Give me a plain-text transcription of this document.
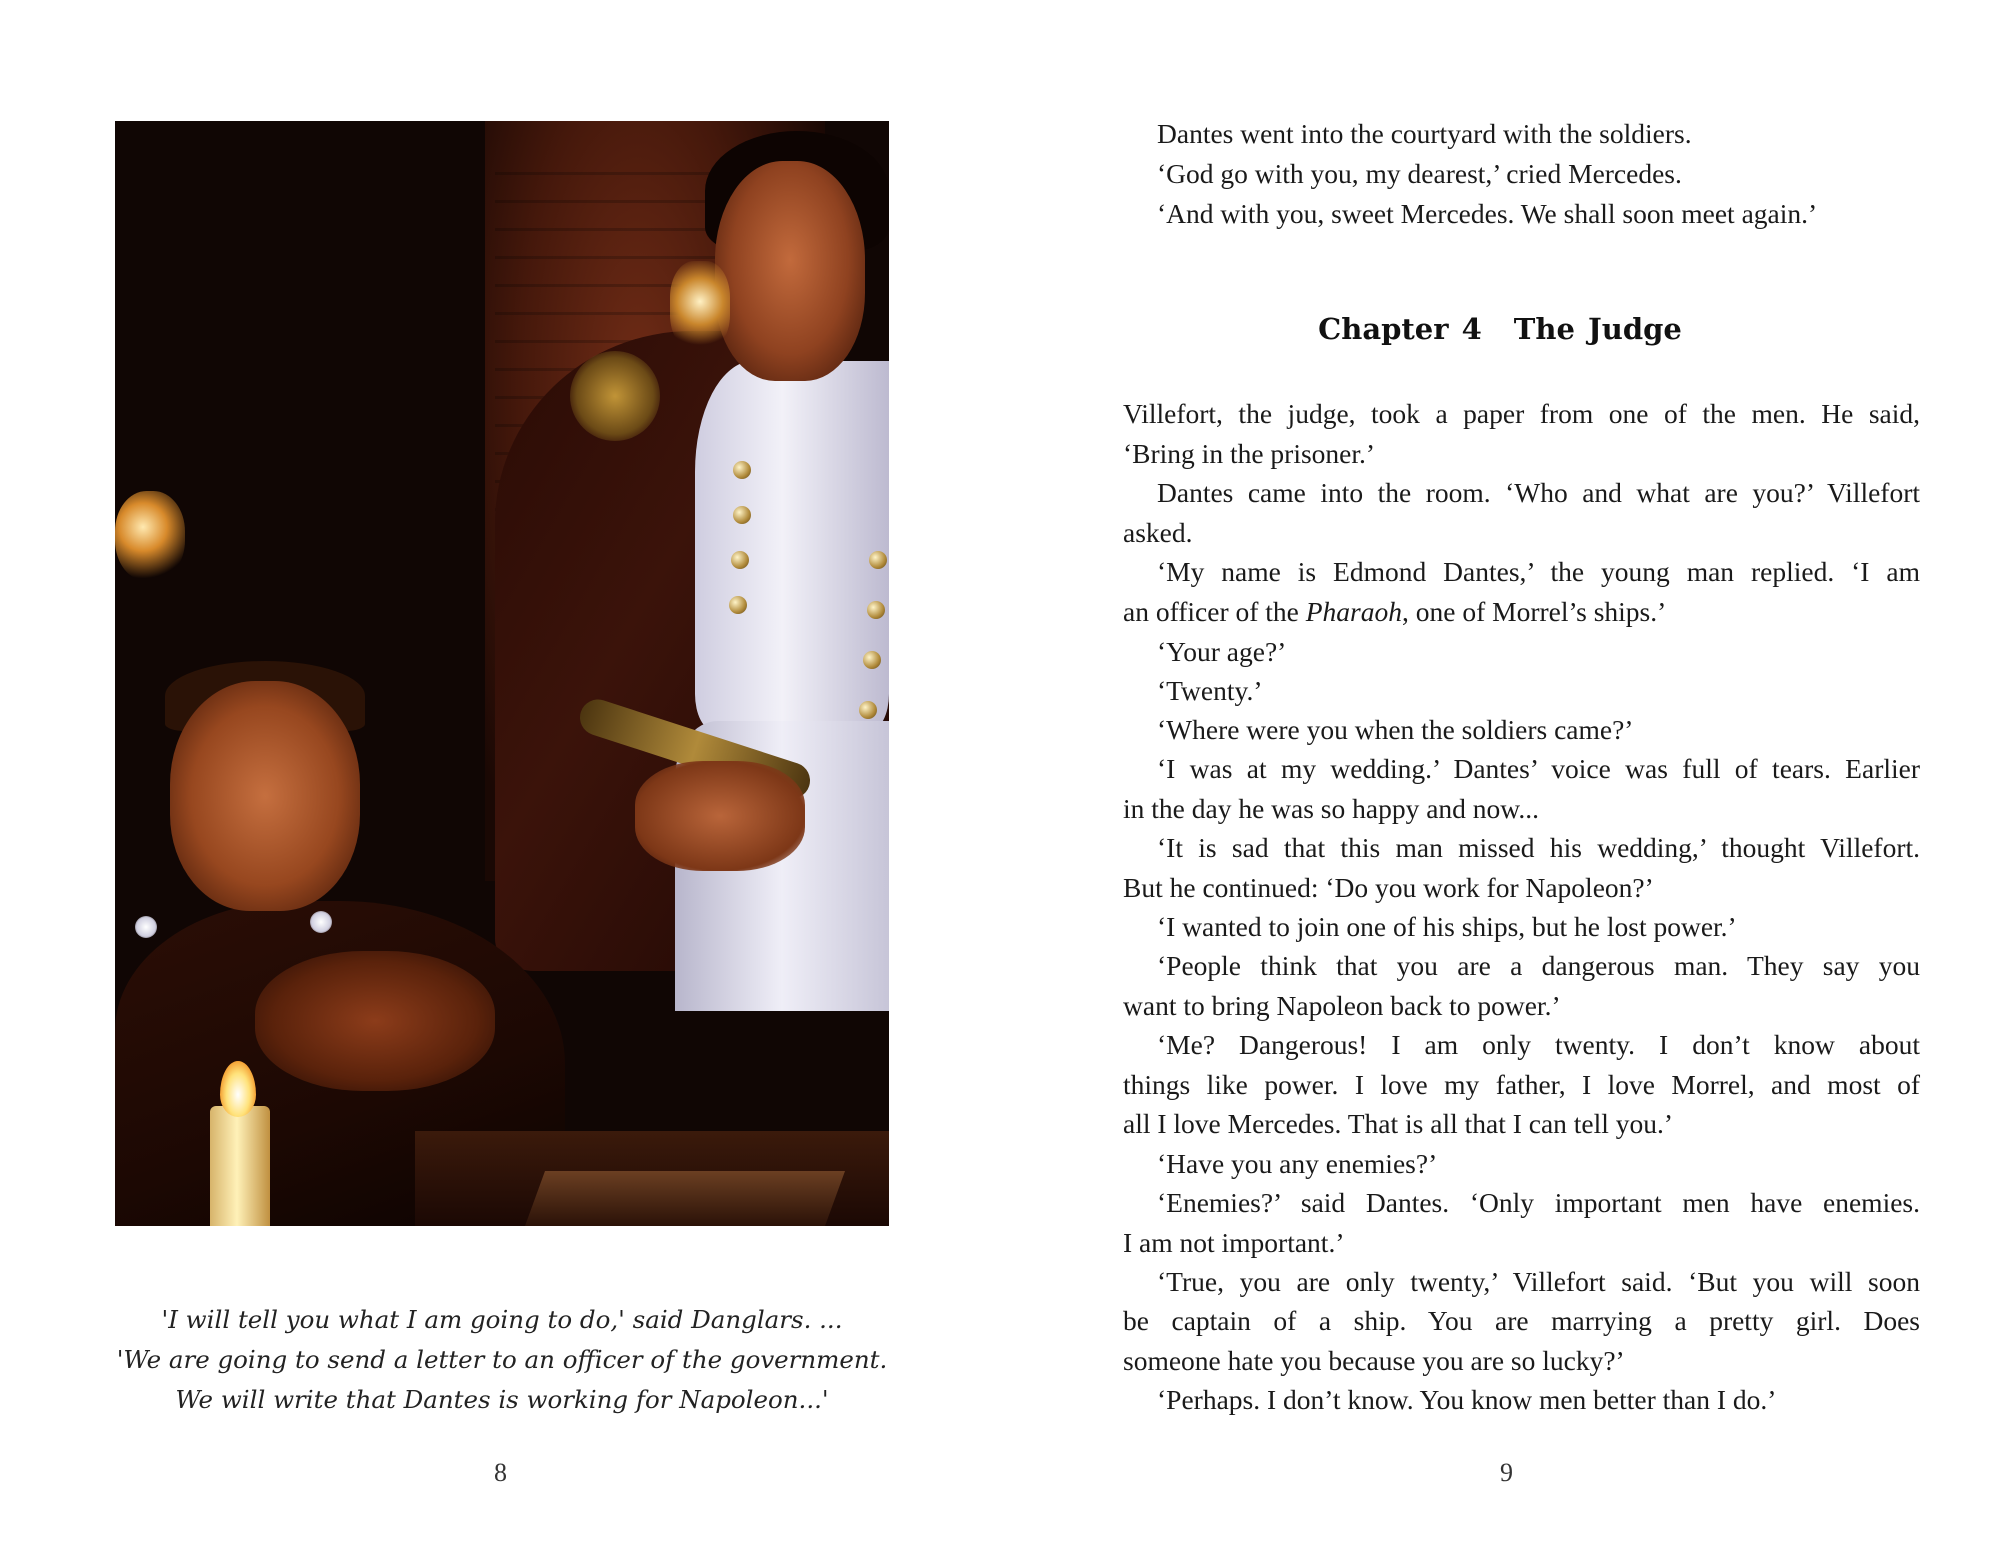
'I will tell you what I am going to do,' said Danglars. ...
'We are going to send a letter to an officer of the government.
We will write that Dantes is working for Napoleon...'
8
Dantes went into the courtyard with the soldiers.
‘God go with you, my dearest,’ cried Mercedes.
‘And with you, sweet Mercedes. We shall soon meet again.’
Chapter 4 The Judge
Villefort, the judge, took a paper from one of the men. He said,
‘Bring in the prisoner.’
Dantes came into the room. ‘Who and what are you?’ Villefort
asked.
‘My name is Edmond Dantes,’ the young man replied. ‘I am
an officer of the Pharaoh, one of Morrel’s ships.’
‘Your age?’
‘Twenty.’
‘Where were you when the soldiers came?’
‘I was at my wedding.’ Dantes’ voice was full of tears. Earlier
in the day he was so happy and now...
‘It is sad that this man missed his wedding,’ thought Villefort.
But he continued: ‘Do you work for Napoleon?’
‘I wanted to join one of his ships, but he lost power.’
‘People think that you are a dangerous man. They say you
want to bring Napoleon back to power.’
‘Me? Dangerous! I am only twenty. I don’t know about
things like power. I love my father, I love Morrel, and most of
all I love Mercedes. That is all that I can tell you.’
‘Have you any enemies?’
‘Enemies?’ said Dantes. ‘Only important men have enemies.
I am not important.’
‘True, you are only twenty,’ Villefort said. ‘But you will soon
be captain of a ship. You are marrying a pretty girl. Does
someone hate you because you are so lucky?’
‘Perhaps. I don’t know. You know men better than I do.’
9
